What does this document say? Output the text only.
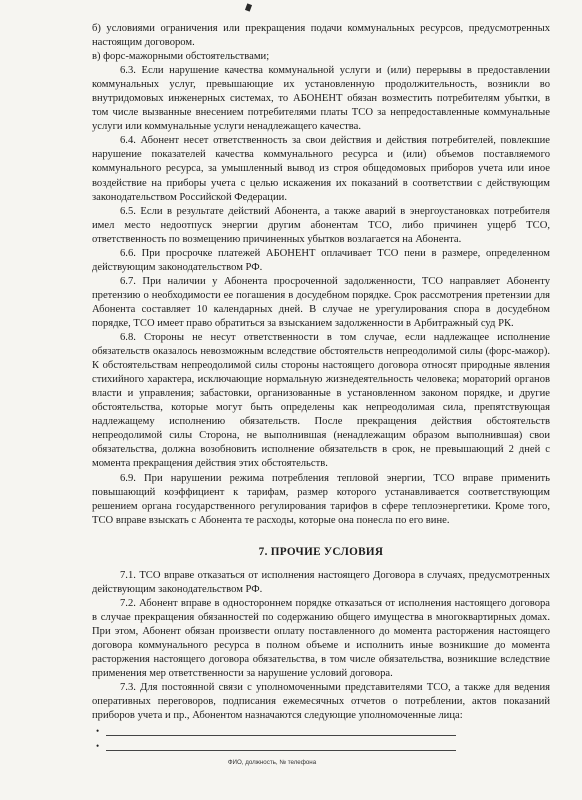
б) условиями ограничения или прекращения подачи коммунальных ресурсов, предусмотренных настоящим договором.

в) форс-мажорными обстоятельствами;

6.3. Если нарушение качества коммунальной услуги и (или) перерывы в предоставлении коммунальных услуг, превышающие их установленную продолжительность, возникли во внутридомовых инженерных системах, то АБОНЕНТ обязан возместить потребителям убытки, в том числе вызванные внесением потребителями платы ТСО за непредоставленные коммунальные услуги или коммунальные услуги ненадлежащего качества.

6.4. Абонент несет ответственность за свои действия и действия потребителей, повлекшие нарушение показателей качества коммунального ресурса и (или) объемов поставляемого коммунального ресурса, за умышленный вывод из строя общедомовых приборов учета или иное воздействие на приборы учета с целью искажения их показаний в соответствии с действующим законодательством Российской Федерации.

6.5. Если в результате действий Абонента, а также аварий в энергоустановках потребителя имел место недоотпуск энергии другим абонентам ТСО, либо причинен ущерб ТСО, ответственность по возмещению причиненных убытков возлагается на Абонента.

6.6. При просрочке платежей АБОНЕНТ оплачивает ТСО пени в размере, определенном действующим законодательством РФ.

6.7. При наличии у Абонента просроченной задолженности, ТСО направляет Абоненту претензию о необходимости ее погашения в досудебном порядке. Срок рассмотрения претензии для Абонента составляет 10 календарных дней. В случае не урегулирования спора в досудебном порядке, ТСО имеет право обратиться за взысканием задолженности в Арбитражный суд РК.

6.8. Стороны не несут ответственности в том случае, если надлежащее исполнение обязательств оказалось невозможным вследствие обстоятельств непреодолимой силы (форс-мажор). К обстоятельствам непреодолимой силы стороны настоящего договора относят природные явления стихийного характера, исключающие нормальную жизнедеятельность человека; мораторий органов власти и управления; забастовки, организованные в установленном законом порядке, и другие обстоятельства, которые могут быть определены как непреодолимая сила, препятствующая надлежащему исполнению обязательств. После прекращения действия обстоятельств непреодолимой силы Сторона, не выполнившая (ненадлежащим образом выполнившая) свои обязательства, должна возобновить исполнение обязательств в срок, не превышающий 2 дней с момента прекращения действия этих обстоятельств.

6.9. При нарушении режима потребления тепловой энергии, ТСО вправе применить повышающий коэффициент к тарифам, размер которого устанавливается соответствующим решением органа государственного регулирования тарифов в сфере теплоэнергетики. Кроме того, ТСО вправе взыскать с Абонента те расходы, которые она понесла по его вине.

7. ПРОЧИЕ УСЛОВИЯ

7.1. ТСО вправе отказаться от исполнения настоящего Договора в случаях, предусмотренных действующим законодательством РФ.

7.2. Абонент вправе в одностороннем порядке отказаться от исполнения настоящего договора в случае прекращения обязанностей по содержанию общего имущества в многоквартирных домах. При этом, Абонент обязан произвести оплату поставленного до момента расторжения настоящего договора коммунального ресурса в полном объеме и исполнить иные возникшие до момента расторжения настоящего договора обязательства, в том числе обязательства, возникшие вследствие применения мер ответственности за нарушение условий договора.

7.3. Для постоянной связи с уполномоченными представителями ТСО, а также для ведения оперативных переговоров, подписания ежемесячных отчетов о потреблении, актов показаний приборов учета и пр., Абонентом назначаются следующие уполномоченные лица:

•
•
ФИО, должность, № телефона
